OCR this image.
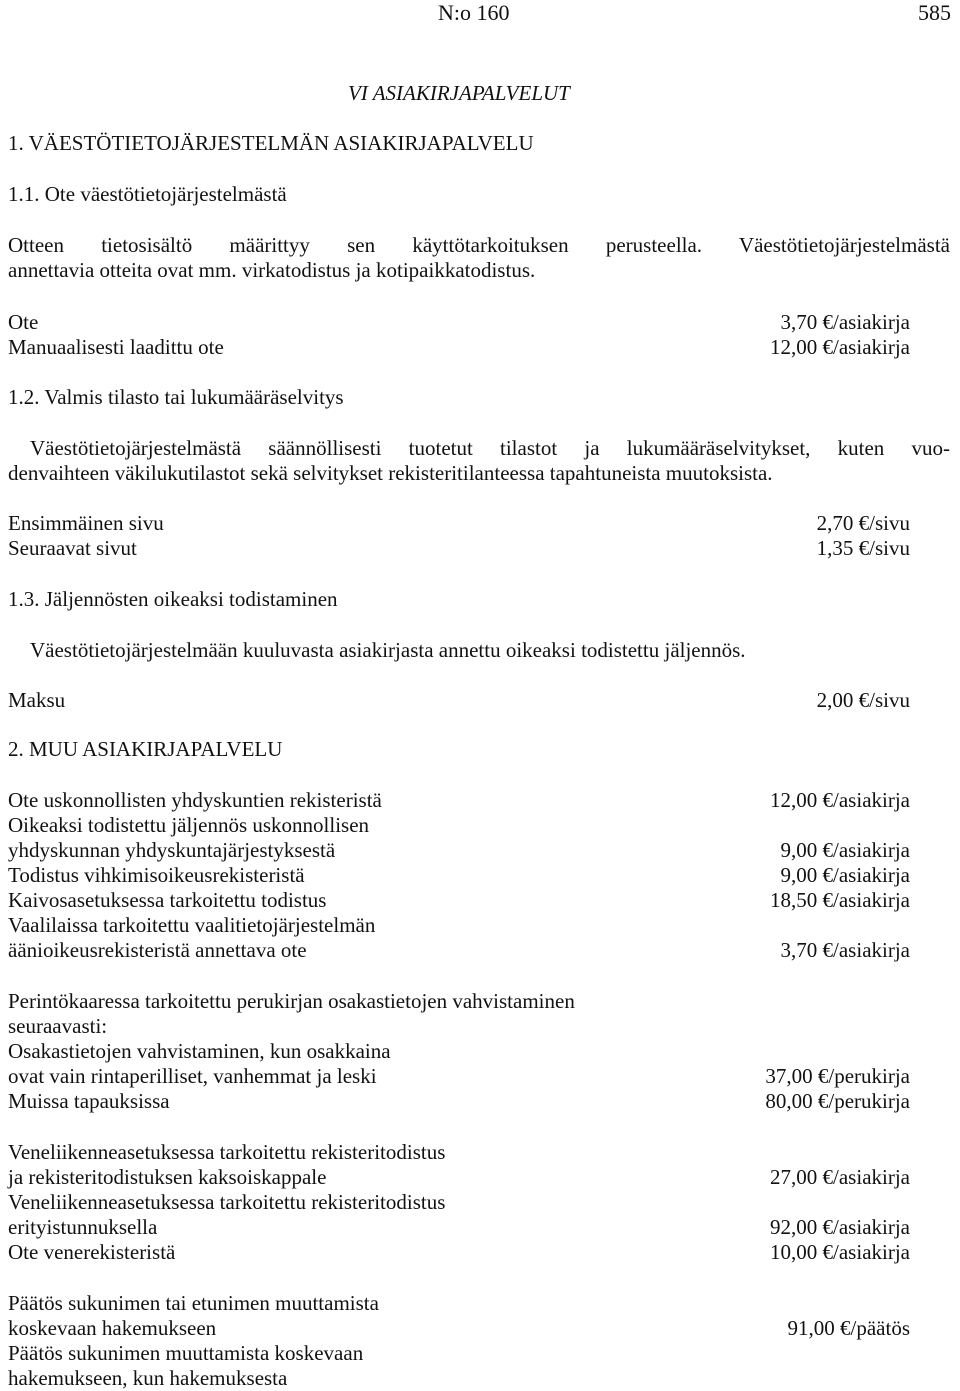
N:o 160	585
VI ASIAKIRJAPALVELUT
1. VÄESTÖTIETOJÄRJESTELMÄN ASIAKIRJAPALVELU
1.1. Ote väestötietojärjestelmästä
Otteen tietosisältö määrittyy sen käyttötarkoituksen perusteella. Väestötietojärjestelmästä
annettavia otteita ovat mm. virkatodistus ja kotipaikkatodistus.
Ote	3,70 €/asiakirja
Manuaalisesti laadittu ote	12,00 €/asiakirja
1.2. Valmis tilasto tai lukumääräselvitys
Väestötietojärjestelmästä säännöllisesti tuotetut tilastot ja lukumääräselvitykset, kuten vuo-
denvaihteen väkilukutilastot sekä selvitykset rekisteritilanteessa tapahtuneista muutoksista.
Ensimmäinen sivu	2,70 €/sivu
Seuraavat sivut	1,35 €/sivu
1.3. Jäljennösten oikeaksi todistaminen
Väestötietojärjestelmään kuuluvasta asiakirjasta annettu oikeaksi todistettu jäljennös.
Maksu	2,00 €/sivu
2. MUU ASIAKIRJAPALVELU
Ote uskonnollisten yhdyskuntien rekisteristä	12,00 €/asiakirja
Oikeaksi todistettu jäljennös uskonnollisen
yhdyskunnan yhdyskuntajärjestyksestä	9,00 €/asiakirja
Todistus vihkimisoikeusrekisteristä	9,00 €/asiakirja
Kaivosasetuksessa tarkoitettu todistus	18,50 €/asiakirja
Vaalilaissa tarkoitettu vaalitietojärjestelmän
äänioikeusrekisteristä annettava ote	3,70 €/asiakirja
Perintökaaressa tarkoitettu perukirjan osakastietojen vahvistaminen
seuraavasti:
Osakastietojen vahvistaminen, kun osakkaina
ovat vain rintaperilliset, vanhemmat ja leski	37,00 €/perukirja
Muissa tapauksissa	80,00 €/perukirja
Veneliikenneasetuksessa tarkoitettu rekisteritodistus
ja rekisteritodistuksen kaksoiskappale	27,00 €/asiakirja
Veneliikenneasetuksessa tarkoitettu rekisteritodistus
erityistunnuksella	92,00 €/asiakirja
Ote venerekisteristä	10,00 €/asiakirja
Päätös sukunimen tai etunimen muuttamista
koskevaan hakemukseen	91,00 €/päätös
Päätös sukunimen muuttamista koskevaan
hakemukseen, kun hakemuksesta
